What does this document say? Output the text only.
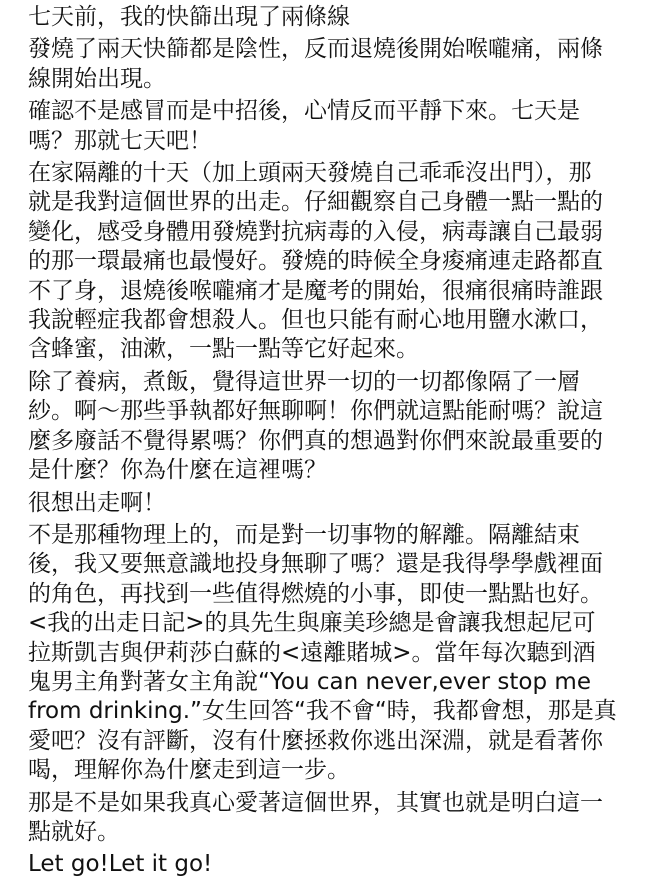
七天前，我的快篩出現了兩條線

發燒了兩天快篩都是陰性，反而退燒後開始喉嚨痛，兩條
線開始出現。

確認不是感冒而是中招後，心情反而平靜下來。七天是
嗎？那就七天吧！

在家隔離的十天（加上頭兩天發燒自己乖乖沒出門），那
就是我對這個世界的出走。仔細觀察自己身體一點一點的
變化，感受身體用發燒對抗病毒的入侵，病毒讓自己最弱
的那一環最痛也最慢好。發燒的時候全身痠痛連走路都直
不了身，退燒後喉嚨痛才是魔考的開始，很痛很痛時誰跟
我說輕症我都會想殺人。但也只能有耐心地用鹽水漱口，
含蜂蜜，油漱，一點一點等它好起來。

除了養病，煮飯，覺得這世界一切的一切都像隔了一層
紗。啊～那些爭執都好無聊啊！你們就這點能耐嗎？說這
麼多廢話不覺得累嗎？你們真的想過對你們來說最重要的
是什麼？你為什麼在這裡嗎？

很想出走啊！

不是那種物理上的，而是對一切事物的解離。隔離結束
後，我又要無意識地投身無聊了嗎？還是我得學學戲裡面
的角色，再找到一些值得燃燒的小事，即使一點點也好。
<我的出走日記>的具先生與廉美珍總是會讓我想起尼可
拉斯凱吉與伊莉莎白蘇的<遠離賭城>。當年每次聽到酒
鬼男主角對著女主角說“You can never,ever stop me
from drinking.”女生回答“我不會“時，我都會想，那是真
愛吧？沒有評斷，沒有什麼拯救你逃出深淵，就是看著你
喝，理解你為什麼走到這一步。

那是不是如果我真心愛著這個世界，其實也就是明白這一
點就好。

Let go!Let it go!
